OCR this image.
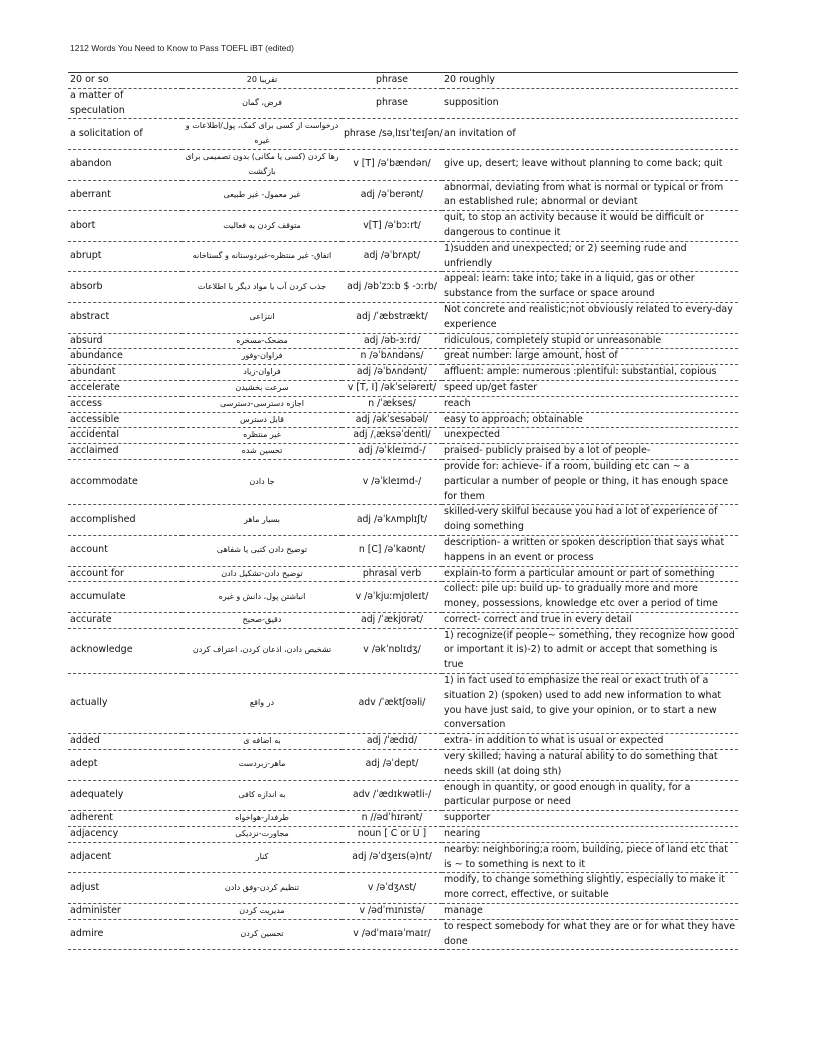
1212 Words You Need to Know to Pass TOEFL iBT (edited)
20 or so	تقریبا 20	phrase	20 roughly
a matter of speculation	فرض، گمان	phrase	supposition
a solicitation of	درخواست از کسی برای کمک، پول/اطلاعات و غیره	phrase /səˌlɪsɪˈteɪʃən/	an invitation of
abandon	رها کردن (کسی یا مکانی) بدون تصمیمی برای بازگشت	v [T] /əˈbændən/	give up, desert; leave without planning to come back; quit
aberrant	غیر معمول- غیر طبیعی	adj /əˈberənt/	abnormal, deviating from what is normal or typical or from an established rule; abnormal or deviant
abort	متوقف کردن یه فعالیت	v[T] /əˈbɔːrt/	quit, to stop an activity because it would be difficult or dangerous to continue it
abrupt	اتفاق- غیر منتظره-غیردوستانه و گستاخانه	adj /əˈbrʌpt/	1)sudden and unexpected; or 2) seeming rude and unfriendly
absorb	جذب کردن آب یا مواد دیگر یا اطلاعات	adj /əbˈzɔːb $ -ɔːrb/	appeal: learn: take into; take in a liquid, gas or other substance from the surface or space around
abstract	انتزاعی	adj /ˈæbstrækt/	Not concrete and realistic;not obviously related to every-day experience
absurd	مضحک-مسخره	adj /əb-ɜːrd/	ridiculous, completely stupid or unreasonable
abundance	فراوان-وفور	n /əˈbʌndəns/	great number: large amount, host of
abundant	فراوان-زیاد	adj /əˈbʌndənt/	affluent: ample: numerous :plentiful: substantial, copious
accelerate	سرعت بخشیدن	v [T, I] /əkˈseləreɪt/	speed up/get faster
access	اجازه دسترسی-دسترسی	n /ˈækses/	reach
accessible	قابل دسترس	adj /əkˈsesəbəl/	easy to approach; obtainable
accidental	غیر منتظره	adj /ˌæksəˈdentl/	unexpected
acclaimed	تحسین شده	adj /əˈkleɪmd-/	praised- publicly praised by a lot of people-
accommodate	جا دادن	v /əˈkleɪmd-/	provide for: achieve- if a room, building etc can ~ a particular a number of people or thing, it has enough space for them
accomplished	بسیار ماهر	adj /əˈkʌmplɪʃt/	skilled-very skilful because you had a lot of experience of doing something
account	توضیح دادن کتبی یا شفاهی	n [C] /əˈkaʊnt/	description- a written or spoken description that says what happens in an event or process
account for	توضیح دادن-تشکیل دادن	phrasal verb	explain-to form a particular amount or part of something
accumulate	انباشتن پول، دانش و غیره	v /əˈkjuːmjʊleɪt/	collect: pile up: build up- to gradually more and more money, possessions, knowledge etc over a period of time
accurate	دقیق-صحیح	adj /ˈækjʊrət/	correct- correct and true in every detail
acknowledge	تشخیص دادن، اذعان کردن، اعتراف کردن	v /əkˈnɒlɪdʒ/	1) recognize(if people~ something, they recognize how good or important it is)-2) to admit or accept that something is true
actually	در واقع	adv /ˈæktʃʊəli/	1) in fact used to emphasize the real or exact truth of a situation 2) (spoken) used to add new information to what you have just said, to give your opinion, or to start a new conversation
added	به اضافه ی	adj /ˈædɪd/	extra- in addition to what is usual or expected
adept	ماهر-زبردست	adj /əˈdept/	very skilled; having a natural ability to do something that needs skill (at doing sth)
adequately	به اندازه کافی	adv /ˈædɪkwətli-/	enough in quantity, or good enough in quality, for a particular purpose or need
adherent	طرفدار-هواخواه	n //ədˈhɪrənt/	supporter
adjacency	مجاورت-نزدیکی	noun [ C or U ]	nearing
adjacent	کنار	adj /əˈdʒeɪs(ə)nt/	nearby: neighboring;a room, building, piece of land etc that is ~ to something is next to it
adjust	تنظیم کردن-وفق دادن	v /əˈdʒʌst/	modify, to change something slightly, especially to make it more correct, effective, or suitable
administer	مدیریت کردن	v /ədˈmɪnɪstə/	manage
admire	تحسین کردن	v /ədˈmaɪəˈmaɪr/	to respect somebody for what they are or for what they have done
